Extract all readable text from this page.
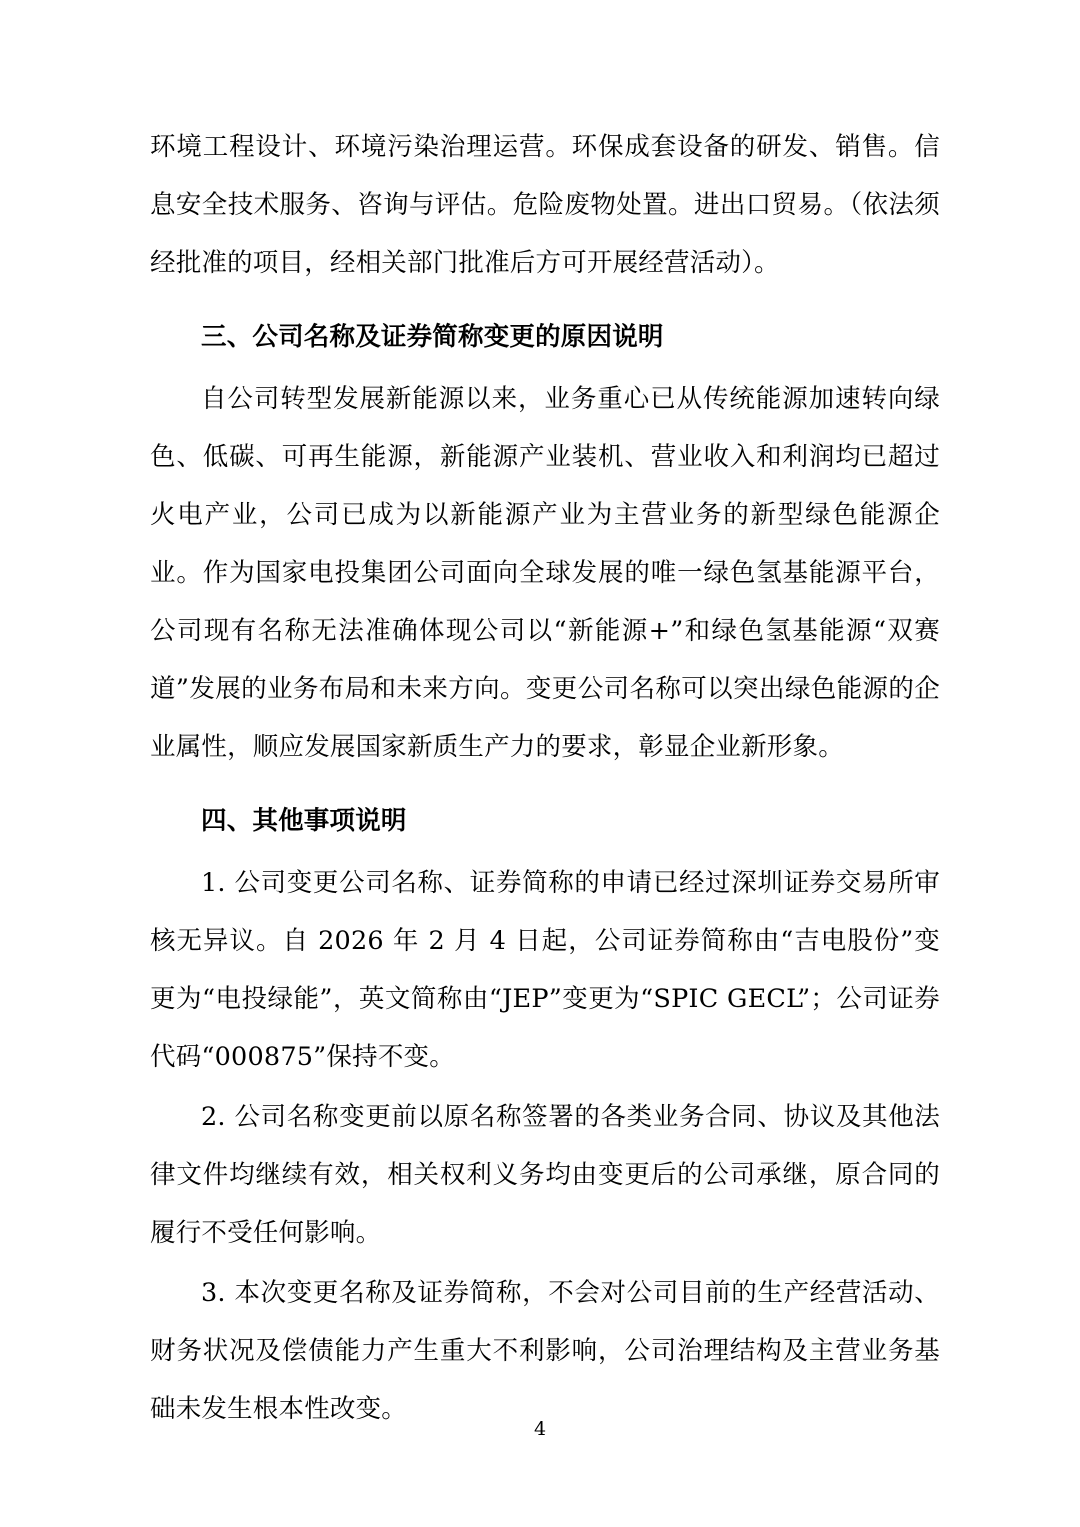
环境工程设计、环境污染治理运营。环保成套设备的研发、销售。信息安全技术服务、咨询与评估。危险废物处置。进出口贸易。（依法须经批准的项目，经相关部门批准后方可开展经营活动）。

三、公司名称及证券简称变更的原因说明

自公司转型发展新能源以来，业务重心已从传统能源加速转向绿色、低碳、可再生能源，新能源产业装机、营业收入和利润均已超过火电产业，公司已成为以新能源产业为主营业务的新型绿色能源企业。作为国家电投集团公司面向全球发展的唯一绿色氢基能源平台，公司现有名称无法准确体现公司以“新能源+”和绿色氢基能源“双赛道”发展的业务布局和未来方向。变更公司名称可以突出绿色能源的企业属性，顺应发展国家新质生产力的要求，彰显企业新形象。

四、其他事项说明

1. 公司变更公司名称、证券简称的申请已经过深圳证券交易所审核无异议。自 2026 年 2 月 4 日起，公司证券简称由“吉电股份”变更为“电投绿能”，英文简称由“JEP”变更为“SPIC GECL”；公司证券代码“000875”保持不变。

2. 公司名称变更前以原名称签署的各类业务合同、协议及其他法律文件均继续有效，相关权利义务均由变更后的公司承继，原合同的履行不受任何影响。

3. 本次变更名称及证券简称，不会对公司目前的生产经营活动、财务状况及偿债能力产生重大不利影响，公司治理结构及主营业务基础未发生根本性改变。

4
